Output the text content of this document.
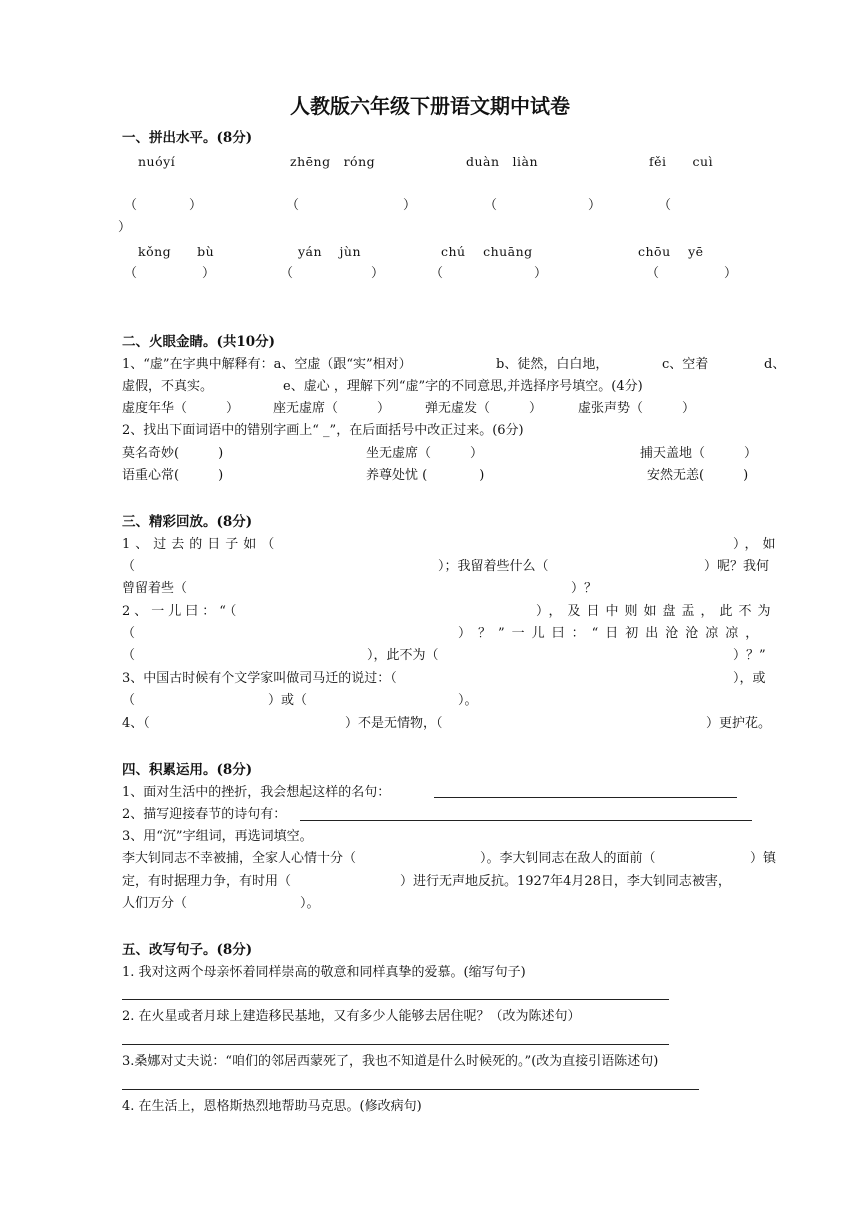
人教版六年级下册语文期中试卷
一、拼出水平。(8分)
nuóyí	zhēng　róng	duàn　liàn	fěi　　cuì
（　　　　）	（　　　　　　　　）	（　　　　　　　）	（
）
kǒng　　bù	yán　 jùn	chú　 chuāng	chōu　 yē
（　　　　　）	（　　　　　　）	（　　　　　　　）	（　　　　　）
二、火眼金睛。(共10分)
1、“虚”在字典中解释有：a、空虚（跟“实”相对）	b、徒然，白白地，	c、空着	d、
虚假，不真实。	e、虚心 ，理解下列“虚”字的不同意思,并选择序号填空。(4分)
虚度年华（　　　）	座无虚席（　　　）	弹无虚发（　　　）	虚张声势（　　　）
2、找出下面词语中的错别字画上“ _”，在后面括号中改正过来。(6分)
莫名奇妙(　　　)	坐无虚席（　　　）	捕天盖地（　　　）
语重心常(　　　)	养尊处忧 (　　　　)	安然无恙(　　　)
三、精彩回放。(8分)
1、过去的日子如（	），如
（	）；我留着些什么（	）呢？我何
曾留着些（	）？
2、一儿曰：“（	），及日中则如盘盂，此不为
（	）？”一儿曰：“日初出沧沧凉凉，
（	），此不为（	）？”
3、中国古时候有个文学家叫做司马迁的说过：（	），或
（	）或（	）。
4、（	）不是无情物，（	）更护花。
四、积累运用。(8分)
1、面对生活中的挫折，我会想起这样的名句：
2、描写迎接春节的诗句有：
3、用“沉”字组词，再选词填空。
李大钊同志不幸被捕，全家人心情十分（	）。李大钊同志在敌人的面前（	）镇
定，有时据理力争，有时用（	）进行无声地反抗。1927年4月28日，李大钊同志被害，
人们万分（	）。
五、改写句子。(8分)
1. 我对这两个母亲怀着同样崇高的敬意和同样真挚的爱慕。(缩写句子)
2. 在火星或者月球上建造移民基地，又有多少人能够去居住呢？（改为陈述句）
3.桑娜对丈夫说：“咱们的邻居西蒙死了，我也不知道是什么时候死的。”(改为直接引语陈述句)
4. 在生活上，恩格斯热烈地帮助马克思。(修改病句)
